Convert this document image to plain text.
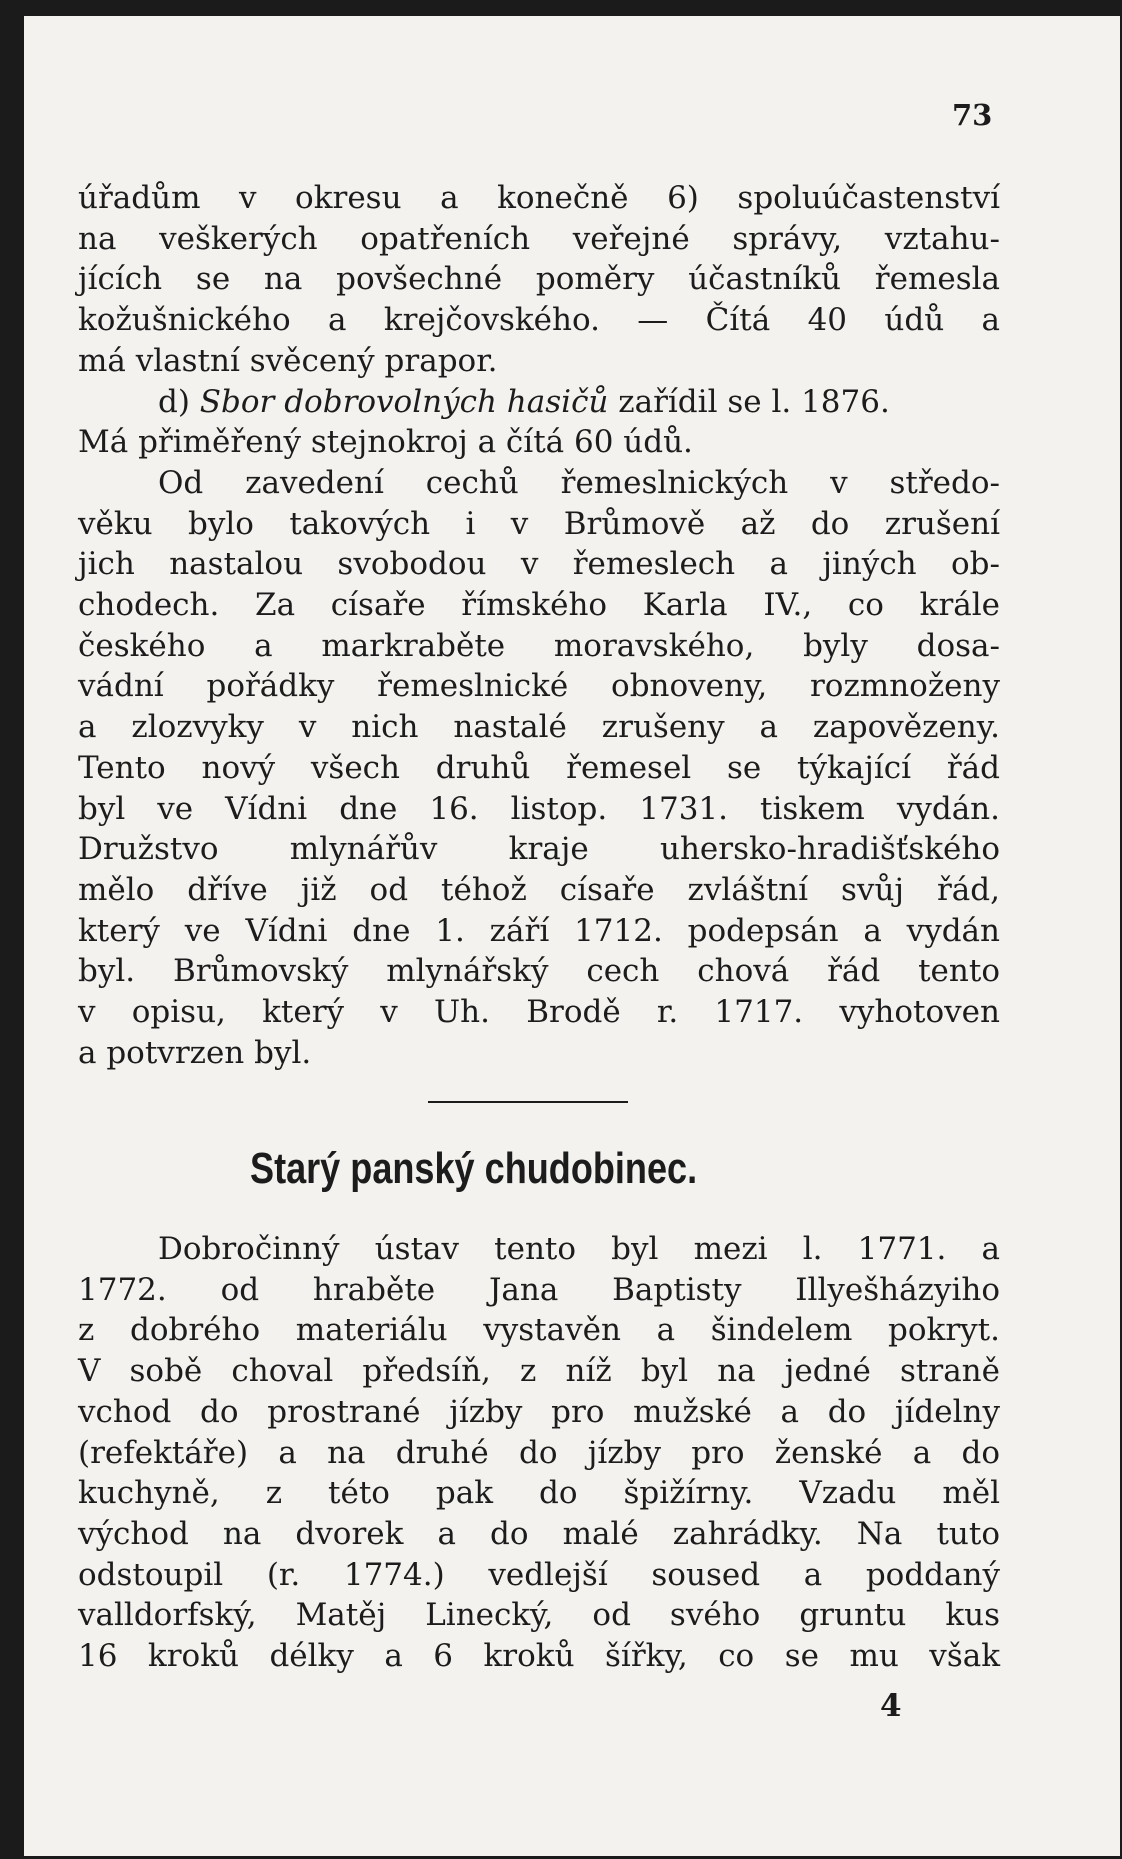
73
úřadům v okresu a konečně 6) spoluúčastenství
na veškerých opatřeních veřejné správy, vztahu-
jících se na povšechné poměry účastníků řemesla
kožušnického a krejčovského. — Čítá 40 údů a
má vlastní svěcený prapor.
d) Sbor dobrovolných hasičů zařídil se l. 1876.
Má přiměřený stejnokroj a čítá 60 údů.
Od zavedení cechů řemeslnických v středo-
věku bylo takových i v Brůmově až do zrušení
jich nastalou svobodou v řemeslech a jiných ob-
chodech. Za císaře římského Karla IV., co krále
českého a markraběte moravského, byly dosa-
vádní pořádky řemeslnické obnoveny, rozmnoženy
a zlozvyky v nich nastalé zrušeny a zapovězeny.
Tento nový všech druhů řemesel se týkající řád
byl ve Vídni dne 16. listop. 1731. tiskem vydán.
Družstvo mlynářův kraje uhersko-hradišťského
mělo dříve již od téhož císaře zvláštní svůj řád,
který ve Vídni dne 1. září 1712. podepsán a vydán
byl. Brůmovský mlynářský cech chová řád tento
v opisu, který v Uh. Brodě r. 1717. vyhotoven
a potvrzen byl.
Starý panský chudobinec.
Dobročinný ústav tento byl mezi l. 1771. a
1772. od hraběte Jana Baptisty Illyešházyiho
z dobrého materiálu vystavěn a šindelem pokryt.
V sobě choval předsíň, z níž byl na jedné straně
vchod do prostrané jízby pro mužské a do jídelny
(refektáře) a na druhé do jízby pro ženské a do
kuchyně, z této pak do špižírny. Vzadu měl
východ na dvorek a do malé zahrádky. Na tuto
odstoupil (r. 1774.) vedlejší soused a poddaný
valldorfský, Matěj Linecký, od svého gruntu kus
16 kroků délky a 6 kroků šířky, co se mu však
4
